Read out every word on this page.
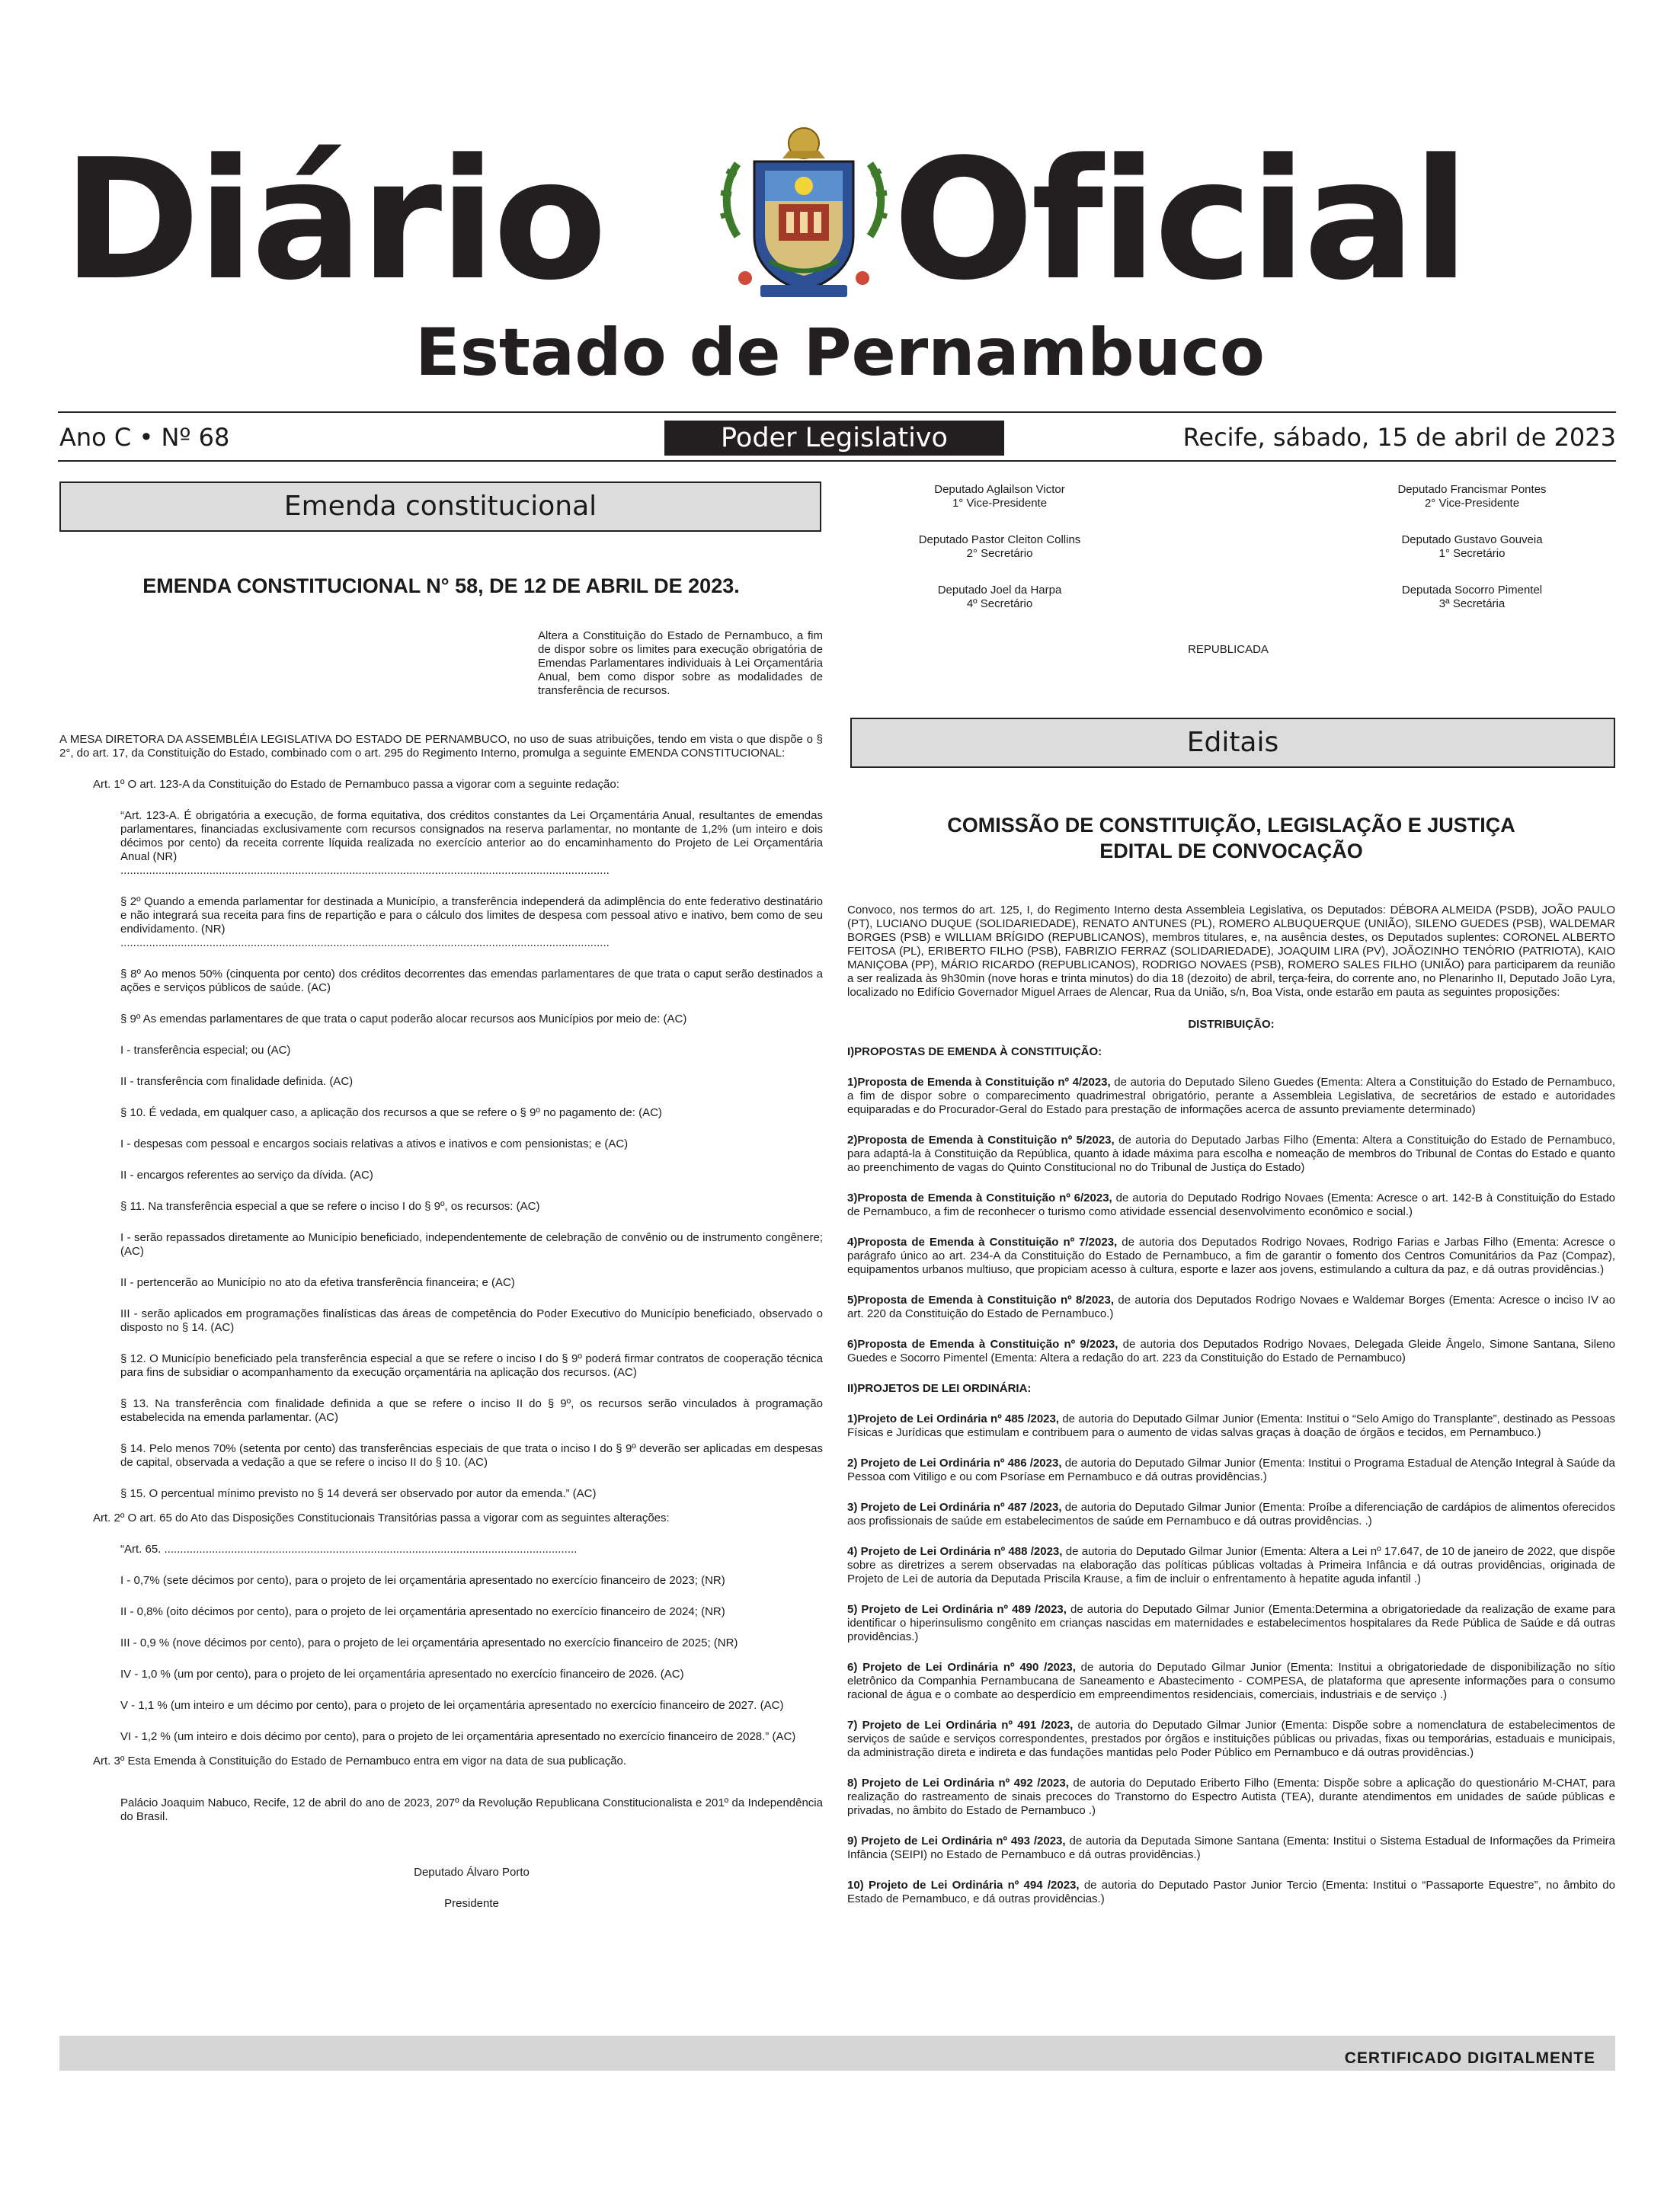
Diário Oficial
Estado de Pernambuco
Ano C • Nº 68	Poder Legislativo	Recife, sábado, 15 de abril de 2023
Emenda constitucional
EMENDA CONSTITUCIONAL N° 58, DE 12 DE ABRIL DE 2023.
Altera a Constituição do Estado de Pernambuco, a fim de dispor sobre os limites para execução obrigatória de Emendas Parlamentares individuais à Lei Orçamentária Anual, bem como dispor sobre as modalidades de transferência de recursos.

A MESA DIRETORA DA ASSEMBLÉIA LEGISLATIVA DO ESTADO DE PERNAMBUCO, no uso de suas atribuições, tendo em vista o que dispõe o § 2°, do art. 17, da Constituição do Estado, combinado com o art. 295 do Regimento Interno, promulga a seguinte EMENDA CONSTITUCIONAL:

Art. 1º O art. 123-A da Constituição do Estado de Pernambuco passa a vigorar com a seguinte redação:

“Art. 123-A. É obrigatória a execução, de forma equitativa, dos créditos constantes da Lei Orçamentária Anual, resultantes de emendas parlamentares, financiadas exclusivamente com recursos consignados na reserva parlamentar, no montante de 1,2% (um inteiro e dois décimos por cento) da receita corrente líquida realizada no exercício anterior ao do encaminhamento do Projeto de Lei Orçamentária Anual (NR)

..........................................................................................................................................................

§ 2º Quando a emenda parlamentar for destinada a Município, a transferência independerá da adimplência do ente federativo destinatário e não integrará sua receita para fins de repartição e para o cálculo dos limites de despesa com pessoal ativo e inativo, bem como de seu endividamento. (NR)

..........................................................................................................................................................

§ 8º Ao menos 50% (cinquenta por cento) dos créditos decorrentes das emendas parlamentares de que trata o caput serão destinados a ações e serviços públicos de saúde. (AC)

§ 9º As emendas parlamentares de que trata o caput poderão alocar recursos aos Municípios por meio de: (AC)

I - transferência especial; ou (AC)

II - transferência com finalidade definida. (AC)

§ 10. É vedada, em qualquer caso, a aplicação dos recursos a que se refere o § 9º no pagamento de: (AC)

I - despesas com pessoal e encargos sociais relativas a ativos e inativos e com pensionistas; e (AC)

II - encargos referentes ao serviço da dívida. (AC)

§ 11. Na transferência especial a que se refere o inciso I do § 9º, os recursos: (AC)

I - serão repassados diretamente ao Município beneficiado, independentemente de celebração de convênio ou de instrumento congênere; (AC)

II - pertencerão ao Município no ato da efetiva transferência financeira; e (AC)

III - serão aplicados em programações finalísticas das áreas de competência do Poder Executivo do Município beneficiado, observado o disposto no § 14. (AC)

§ 12. O Município beneficiado pela transferência especial a que se refere o inciso I do § 9º poderá firmar contratos de cooperação técnica para fins de subsidiar o acompanhamento da execução orçamentária na aplicação dos recursos. (AC)

§ 13. Na transferência com finalidade definida a que se refere o inciso II do § 9º, os recursos serão vinculados à programação estabelecida na emenda parlamentar. (AC)

§ 14. Pelo menos 70% (setenta por cento) das transferências especiais de que trata o inciso I do § 9º deverão ser aplicadas em despesas de capital, observada a vedação a que se refere o inciso II do § 10. (AC)

§ 15. O percentual mínimo previsto no § 14 deverá ser observado por autor da emenda.” (AC)

Art. 2º O art. 65 do Ato das Disposições Constitucionais Transitórias passa a vigorar com as seguintes alterações:

“Art. 65. ..................................................................................................................................

I - 0,7% (sete décimos por cento), para o projeto de lei orçamentária apresentado no exercício financeiro de 2023; (NR)

II - 0,8% (oito décimos por cento), para o projeto de lei orçamentária apresentado no exercício financeiro de 2024; (NR)

III - 0,9 % (nove décimos por cento), para o projeto de lei orçamentária apresentado no exercício financeiro de 2025; (NR)

IV - 1,0 % (um por cento), para o projeto de lei orçamentária apresentado no exercício financeiro de 2026. (AC)

V - 1,1 % (um inteiro e um décimo por cento), para o projeto de lei orçamentária apresentado no exercício financeiro de 2027. (AC)

VI - 1,2 % (um inteiro e dois décimo por cento), para o projeto de lei orçamentária apresentado no exercício financeiro de 2028.” (AC)

Art. 3º Esta Emenda à Constituição do Estado de Pernambuco entra em vigor na data de sua publicação.

Palácio Joaquim Nabuco, Recife, 12 de abril do ano de 2023, 207º da Revolução Republicana Constitucionalista e 201º da Independência do Brasil.

Deputado Álvaro Porto

Presidente

Deputado Aglailson Victor

1° Vice-Presidente

Deputado Francismar Pontes

2° Vice-Presidente

Deputado Pastor Cleiton Collins

2° Secretário

Deputado Gustavo Gouveia

1° Secretário

Deputado Joel da Harpa

4º Secretário

Deputada Socorro Pimentel

3ª Secretária

REPUBLICADA
Editais

COMISSÃO DE CONSTITUIÇÃO, LEGISLAÇÃO E JUSTIÇA

EDITAL DE CONVOCAÇÃO

Convoco, nos termos do art. 125, I, do Regimento Interno desta Assembleia Legislativa, os Deputados: DÉBORA ALMEIDA (PSDB), JOÃO PAULO (PT), LUCIANO DUQUE (SOLIDARIEDADE), RENATO ANTUNES (PL), ROMERO ALBUQUERQUE (UNIÃO), SILENO GUEDES (PSB), WALDEMAR BORGES (PSB) e WILLIAM BRÍGIDO (REPUBLICANOS), membros titulares, e, na ausência destes, os Deputados suplentes: CORONEL ALBERTO FEITOSA (PL), ERIBERTO FILHO (PSB), FABRIZIO FERRAZ (SOLIDARIEDADE), JOAQUIM LIRA (PV), JOÃOZINHO TENÓRIO (PATRIOTA), KAIO MANIÇOBA (PP), MÁRIO RICARDO (REPUBLICANOS), RODRIGO NOVAES (PSB), ROMERO SALES FILHO (UNIÃO) para participarem da reunião a ser realizada às 9h30min (nove horas e trinta minutos) do dia 18 (dezoito) de abril, terça-feira, do corrente ano, no Plenarinho II, Deputado João Lyra, localizado no Edifício Governador Miguel Arraes de Alencar, Rua da União, s/n, Boa Vista, onde estarão em pauta as seguintes proposições:

DISTRIBUIÇÃO:

I)PROPOSTAS DE EMENDA À CONSTITUIÇÃO:

1)Proposta de Emenda à Constituição nº 4/2023, de autoria do Deputado Sileno Guedes (Ementa: Altera a Constituição do Estado de Pernambuco, a fim de dispor sobre o comparecimento quadrimestral obrigatório, perante a Assembleia Legislativa, de secretários de estado e autoridades equiparadas e do Procurador-Geral do Estado para prestação de informações acerca de assunto previamente determinado)

2)Proposta de Emenda à Constituição nº 5/2023, de autoria do Deputado Jarbas Filho (Ementa: Altera a Constituição do Estado de Pernambuco, para adaptá-la à Constituição da República, quanto à idade máxima para escolha e nomeação de membros do Tribunal de Contas do Estado e quanto ao preenchimento de vagas do Quinto Constitucional no do Tribunal de Justiça do Estado)

3)Proposta de Emenda à Constituição nº 6/2023, de autoria do Deputado Rodrigo Novaes (Ementa: Acresce o art. 142-B à Constituição do Estado de Pernambuco, a fim de reconhecer o turismo como atividade essencial desenvolvimento econômico e social.)

4)Proposta de Emenda à Constituição nº 7/2023, de autoria dos Deputados Rodrigo Novaes, Rodrigo Farias e Jarbas Filho (Ementa: Acresce o parágrafo único ao art. 234-A da Constituição do Estado de Pernambuco, a fim de garantir o fomento dos Centros Comunitários da Paz (Compaz), equipamentos urbanos multiuso, que propiciam acesso à cultura, esporte e lazer aos jovens, estimulando a cultura da paz, e dá outras providências.)

5)Proposta de Emenda à Constituição nº 8/2023, de autoria dos Deputados Rodrigo Novaes e Waldemar Borges (Ementa: Acresce o inciso IV ao art. 220 da Constituição do Estado de Pernambuco.)

6)Proposta de Emenda à Constituição nº 9/2023, de autoria dos Deputados Rodrigo Novaes, Delegada Gleide Ângelo, Simone Santana, Sileno Guedes e Socorro Pimentel (Ementa: Altera a redação do art. 223 da Constituição do Estado de Pernambuco)

II)PROJETOS DE LEI ORDINÁRIA:

1)Projeto de Lei Ordinária nº 485 /2023, de autoria do Deputado Gilmar Junior (Ementa: Institui o “Selo Amigo do Transplante”, destinado as Pessoas Físicas e Jurídicas que estimulam e contribuem para o aumento de vidas salvas graças à doação de órgãos e tecidos, em Pernambuco.)

2) Projeto de Lei Ordinária nº 486 /2023, de autoria do Deputado Gilmar Junior (Ementa: Institui o Programa Estadual de Atenção Integral à Saúde da Pessoa com Vitiligo e ou com Psoríase em Pernambuco e dá outras providências.)

3) Projeto de Lei Ordinária nº 487 /2023, de autoria do Deputado Gilmar Junior (Ementa: Proíbe a diferenciação de cardápios de alimentos oferecidos aos profissionais de saúde em estabelecimentos de saúde em Pernambuco e dá outras providências. .)

4) Projeto de Lei Ordinária nº 488 /2023, de autoria do Deputado Gilmar Junior (Ementa: Altera a Lei nº 17.647, de 10 de janeiro de 2022, que dispõe sobre as diretrizes a serem observadas na elaboração das políticas públicas voltadas à Primeira Infância e dá outras providências, originada de Projeto de Lei de autoria da Deputada Priscila Krause, a fim de incluir o enfrentamento à hepatite aguda infantil .)

5) Projeto de Lei Ordinária nº 489 /2023, de autoria do Deputado Gilmar Junior (Ementa:Determina a obrigatoriedade da realização de exame para identificar o hiperinsulismo congênito em crianças nascidas em maternidades e estabelecimentos hospitalares da Rede Pública de Saúde e dá outras providências.)

6) Projeto de Lei Ordinária nº 490 /2023, de autoria do Deputado Gilmar Junior (Ementa: Institui a obrigatoriedade de disponibilização no sítio eletrônico da Companhia Pernambucana de Saneamento e Abastecimento - COMPESA, de plataforma que apresente informações para o consumo racional de água e o combate ao desperdício em empreendimentos residenciais, comerciais, industriais e de serviço .)

7) Projeto de Lei Ordinária nº 491 /2023, de autoria do Deputado Gilmar Junior (Ementa: Dispõe sobre a nomenclatura de estabelecimentos de serviços de saúde e serviços correspondentes, prestados por órgãos e instituições públicas ou privadas, fixas ou temporárias, estaduais e municipais, da administração direta e indireta e das fundações mantidas pelo Poder Público em Pernambuco e dá outras providências.)

8) Projeto de Lei Ordinária nº 492 /2023, de autoria do Deputado Eriberto Filho (Ementa: Dispõe sobre a aplicação do questionário M-CHAT, para realização do rastreamento de sinais precoces do Transtorno do Espectro Autista (TEA), durante atendimentos em unidades de saúde públicas e privadas, no âmbito do Estado de Pernambuco .)

9) Projeto de Lei Ordinária nº 493 /2023, de autoria da Deputada Simone Santana (Ementa: Institui o Sistema Estadual de Informações da Primeira Infância (SEIPI) no Estado de Pernambuco e dá outras providências.)

10) Projeto de Lei Ordinária nº 494 /2023, de autoria do Deputado Pastor Junior Tercio (Ementa: Institui o “Passaporte Equestre”, no âmbito do Estado de Pernambuco, e dá outras providências.)

CERTIFICADO DIGITALMENTE
